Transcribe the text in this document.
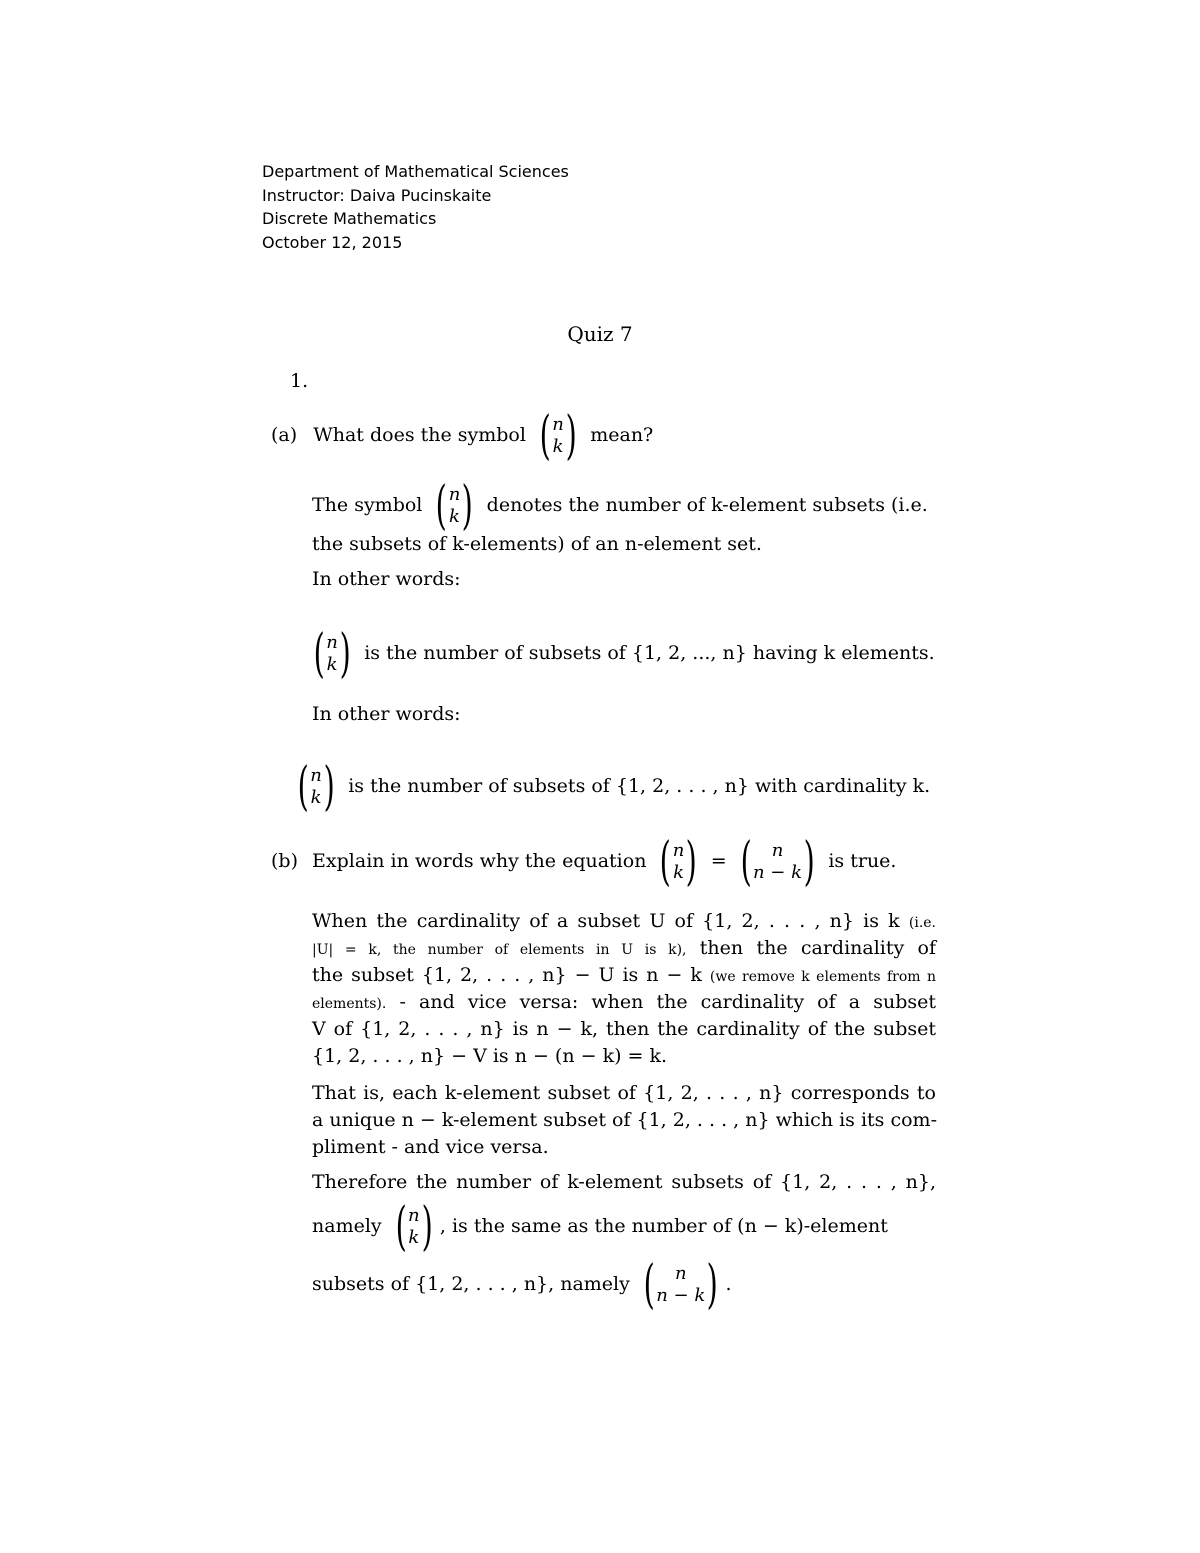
Department of Mathematical Sciences
Instructor: Daiva Pucinskaite
Discrete Mathematics
October 12, 2015
Quiz 7
1.
(a) What does the symbol ( n
k ) mean?
The symbol ( n
k ) denotes the number of k-element subsets (i.e.
the subsets of k-elements) of an n-element set.
In other words:
( n
k ) is the number of subsets of {1, 2, ..., n} having k elements.
In other words:
( n
k ) is the number of subsets of {1, 2, . . . , n} with cardinality k.
(b) Explain in words why the equation ( n
k ) = ( n
n − k ) is true.
When the cardinality of a subset U of {1, 2, . . . , n} is k (i.e.
|U| = k, the number of elements in U is k), then the cardinality of
the subset {1, 2, . . . , n} − U is n − k (we remove k elements from n
elements). - and vice versa: when the cardinality of a subset
V of {1, 2, . . . , n} is n − k, then the cardinality of the subset
{1, 2, . . . , n} − V is n − (n − k) = k.
That is, each k-element subset of {1, 2, . . . , n} corresponds to
a unique n − k-element subset of {1, 2, . . . , n} which is its com-
pliment - and vice versa.
Therefore the number of k-element subsets of {1, 2, . . . , n},
namely ( n
k ) , is the same as the number of (n − k)-element
subsets of {1, 2, . . . , n}, namely ( n
n − k ) .
